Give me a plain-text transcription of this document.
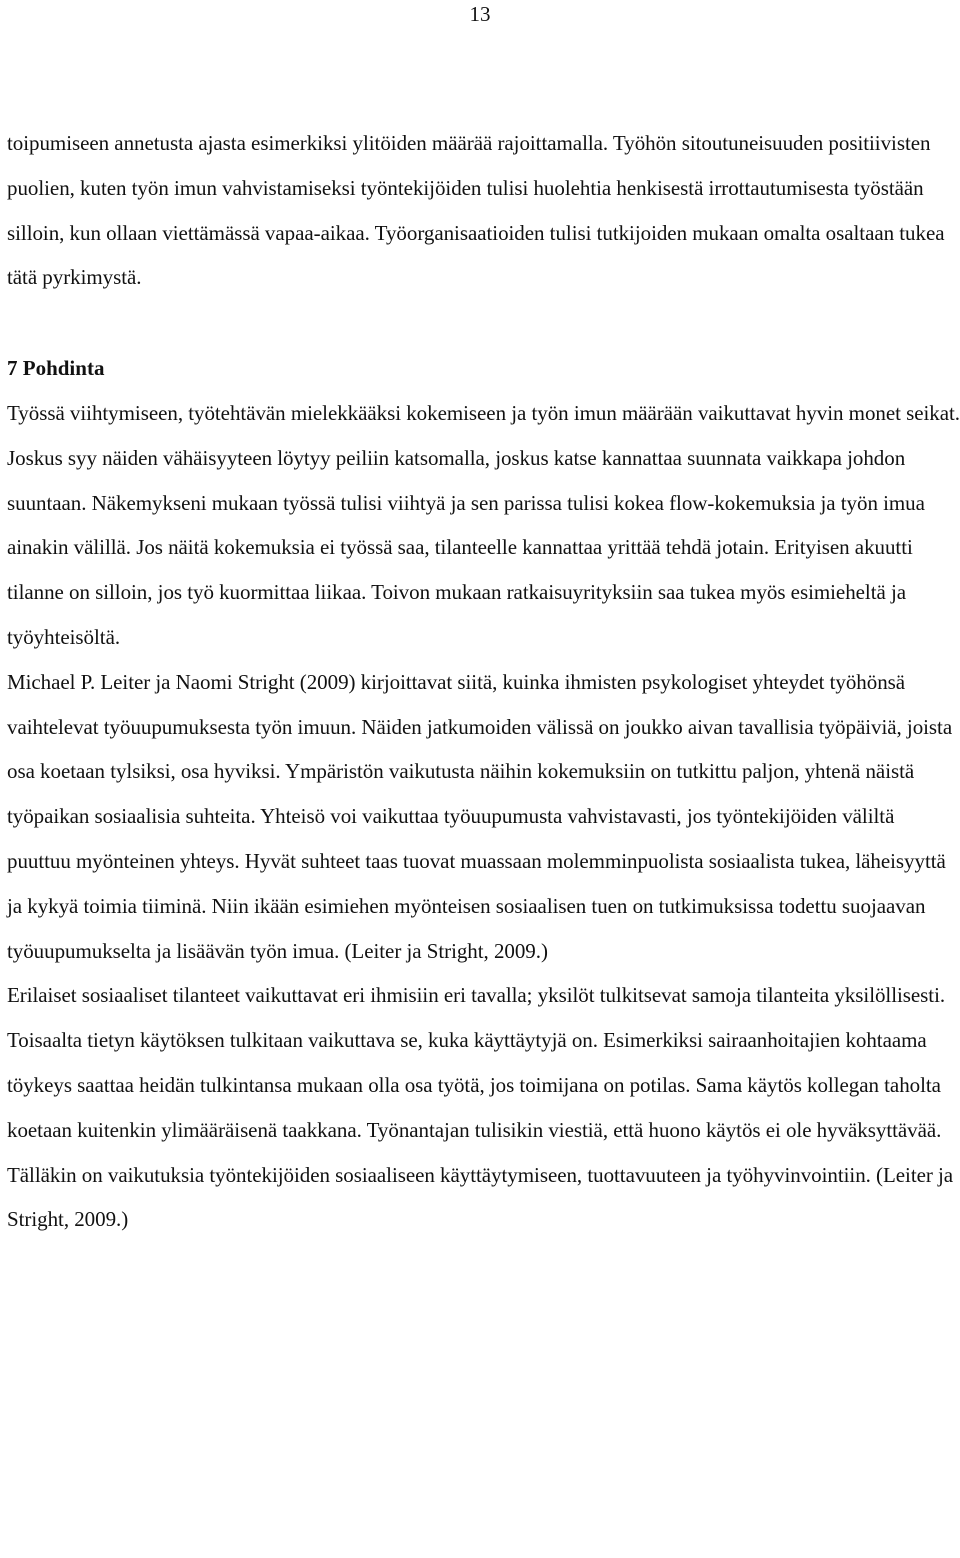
13

toipumiseen annetusta ajasta esimerkiksi ylitöiden määrää rajoittamalla. Työhön sitoutuneisuuden positiivisten puolien, kuten työn imun vahvistamiseksi työntekijöiden tulisi huolehtia henkisestä irrottautumisesta työstään silloin, kun ollaan viettämässä vapaa-aikaa. Työorganisaatioiden tulisi tutkijoiden mukaan omalta osaltaan tukea tätä pyrkimystä.

7 Pohdinta

Työssä viihtymiseen, työtehtävän mielekkääksi kokemiseen ja työn imun määrään vaikuttavat hyvin monet seikat. Joskus syy näiden vähäisyyteen löytyy peiliin katsomalla, joskus katse kannattaa suunnata vaikkapa johdon suuntaan. Näkemykseni mukaan työssä tulisi viihtyä ja sen parissa tulisi kokea flow-kokemuksia ja työn imua ainakin välillä. Jos näitä kokemuksia ei työssä saa, tilanteelle kannattaa yrittää tehdä jotain. Erityisen akuutti tilanne on silloin, jos työ kuormittaa liikaa. Toivon mukaan ratkaisuyrityksiin saa tukea myös esimieheltä ja työyhteisöltä.

Michael P. Leiter ja Naomi Stright (2009) kirjoittavat siitä, kuinka ihmisten psykologiset yhteydet työhönsä vaihtelevat työuupumuksesta työn imuun. Näiden jatkumoiden välissä on joukko aivan tavallisia työpäiviä, joista osa koetaan tylsiksi, osa hyviksi. Ympäristön vaikutusta näihin kokemuksiin on tutkittu paljon, yhtenä näistä työpaikan sosiaalisia suhteita. Yhteisö voi vaikuttaa työuupumusta vahvistavasti, jos työntekijöiden väliltä puuttuu myönteinen yhteys. Hyvät suhteet taas tuovat muassaan molemminpuolista sosiaalista tukea, läheisyyttä ja kykyä toimia tiiminä. Niin ikään esimiehen myönteisen sosiaalisen tuen on tutkimuksissa todettu suojaavan työuupumukselta ja lisäävän työn imua. (Leiter ja Stright, 2009.)

Erilaiset sosiaaliset tilanteet vaikuttavat eri ihmisiin eri tavalla; yksilöt tulkitsevat samoja tilanteita yksilöllisesti. Toisaalta tietyn käytöksen tulkitaan vaikuttava se, kuka käyttäytyjä on. Esimerkiksi sairaanhoitajien kohtaama töykeys saattaa heidän tulkintansa mukaan olla osa työtä, jos toimijana on potilas. Sama käytös kollegan taholta koetaan kuitenkin ylimääräisenä taakkana. Työnantajan tulisikin viestiä, että huono käytös ei ole hyväksyttävää. Tälläkin on vaikutuksia työntekijöiden sosiaaliseen käyttäytymiseen, tuottavuuteen ja työhyvinvointiin. (Leiter ja Stright, 2009.)
